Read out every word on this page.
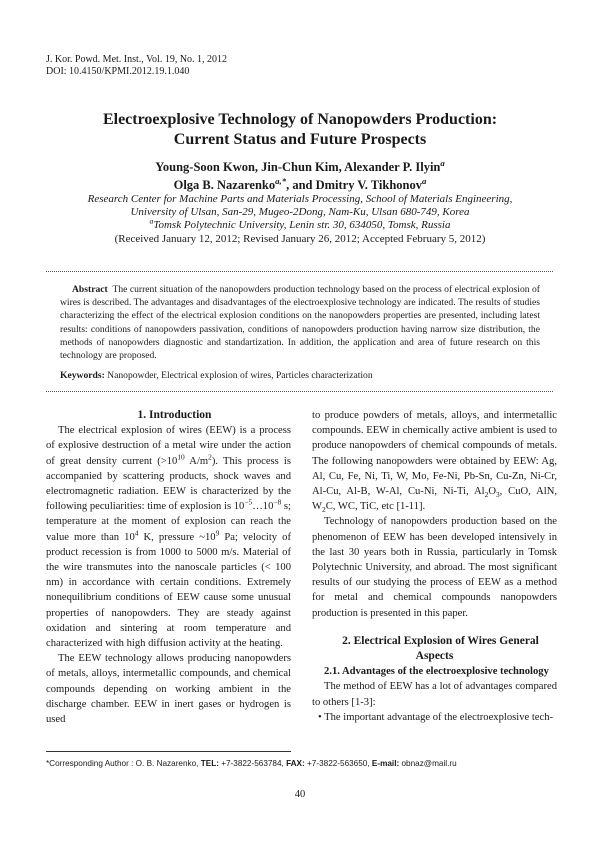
J. Kor. Powd. Met. Inst., Vol. 19, No. 1, 2012
DOI: 10.4150/KPMI.2012.19.1.040
Electroexplosive Technology of Nanopowders Production:
Current Status and Future Prospects
Young-Soon Kwon, Jin-Chun Kim, Alexander P. Ilyin$^a$
Olga B. Nazarenko$^{a,*}$, and Dmitry V. Tikhonov$^a$
Research Center for Machine Parts and Materials Processing, School of Materials Engineering,
University of Ulsan, San-29, Mugeo-2Dong, Nam-Ku, Ulsan 680-749, Korea
$^a$Tomsk Polytechnic University, Lenin str. 30, 634050, Tomsk, Russia
(Received January 12, 2012; Revised January 26, 2012; Accepted February 5, 2012)
Abstract The current situation of the nanopowders production technology based on the process of electrical explosion of wires is described. The advantages and disadvantages of the electroexplosive technology are indicated. The results of studies characterizing the effect of the electrical explosion conditions on the nanopowders properties are presented, including latest results: conditions of nanopowders passivation, conditions of nanopowders production having narrow size distribution, the methods of nanopowders diagnostic and standartization. In addition, the application and area of future research on this technology are proposed.
Keywords: Nanopowder, Electrical explosion of wires, Particles characterization

1. Introduction

The electrical explosion of wires (EEW) is a process of explosive destruction of a metal wire under the action of great density current ($>10^{10}$ $A/m^2$). This process is accompanied by scattering products, shock waves and electromagnetic radiation. EEW is characterized by the following peculiarities: time of explosion is $10^{-5}\dots 10^{-8}$ s; temperature at the moment of explosion can reach the value more than $10^4$ K, pressure $\sim 10^9$ Pa; velocity of product recession is from 1000 to 5000 m/s. Material of the wire transmutes into the nanoscale particles (< 100 nm) in accordance with certain conditions. Extremely nonequilibrium conditions of EEW cause some unusual properties of nanopowders. They are steady against oxidation and sintering at room temperature and characterized with high diffusion activity at the heating.

The EEW technology allows producing nanopowders of metals, alloys, intermetallic compounds, and chemical compounds depending on working ambient in the discharge chamber. EEW in inert gases or hydrogen is used

to produce powders of metals, alloys, and intermetallic compounds. EEW in chemically active ambient is used to produce nanopowders of chemical compounds of metals. The following nanopowders were obtained by EEW: Ag, Al, Cu, Fe, Ni, Ti, W, Mo, Fe-Ni, Pb-Sn, Cu-Zn, Ni-Cr, Al-Cu, Al-B, W-Al, Cu-Ni, Ni-Ti, $Al_2O_3$, CuO, AlN, $W_2C$, WC, TiC, etc [1-11].

Technology of nanopowders production based on the phenomenon of EEW has been developed intensively in the last 30 years both in Russia, particularly in Tomsk Polytechnic University, and abroad. The most significant results of our studying the process of EEW as a method for metal and chemical compounds nanopowders production is presented in this paper.

2. Electrical Explosion of Wires General Aspects

2.1. Advantages of the electroexplosive technology

The method of EEW has a lot of advantages compared to others [1-3]:

• The important advantage of the electroexplosive tech-

*Corresponding Author : O. B. Nazarenko, TEL: +7-3822-563784, FAX: +7-3822-563650, E-mail: obnaz@mail.ru
40
